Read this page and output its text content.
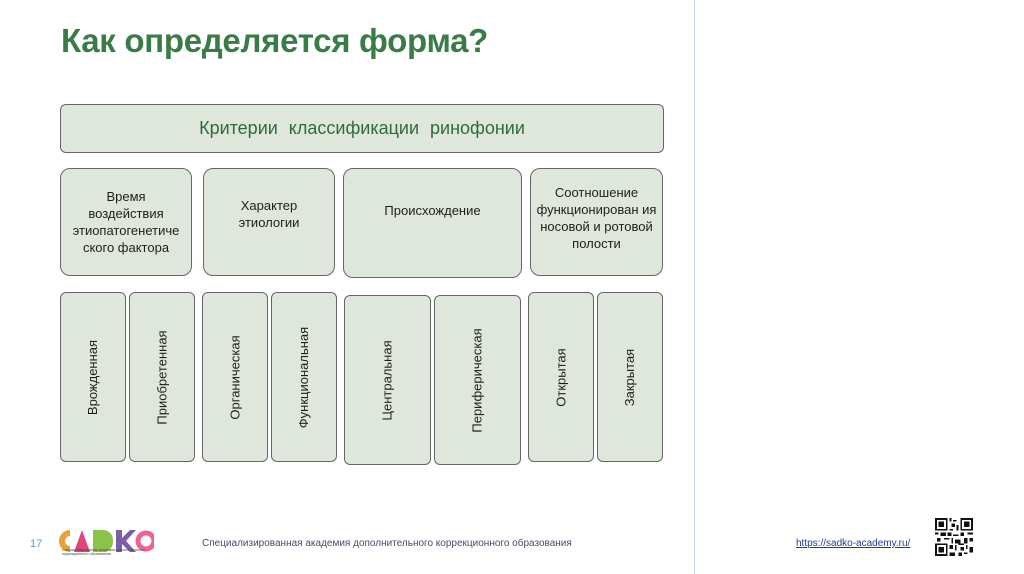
Как определяется форма?
Критерии классификации ринофонии
Время воздействия этиопатогенетиче ского фактора
Характер этиологии
Происхождение
Соотношение функционирован ия носовой и ротовой полости
Врожденная	Приобретенная	Органическая	Функциональная	Центральная	Периферическая	Открытая	Закрытая
17	Специализированная академия дополнительного коррекционного образования
Специализированная академия дополнительного коррекционного образования	https://sadko-academy.ru/
